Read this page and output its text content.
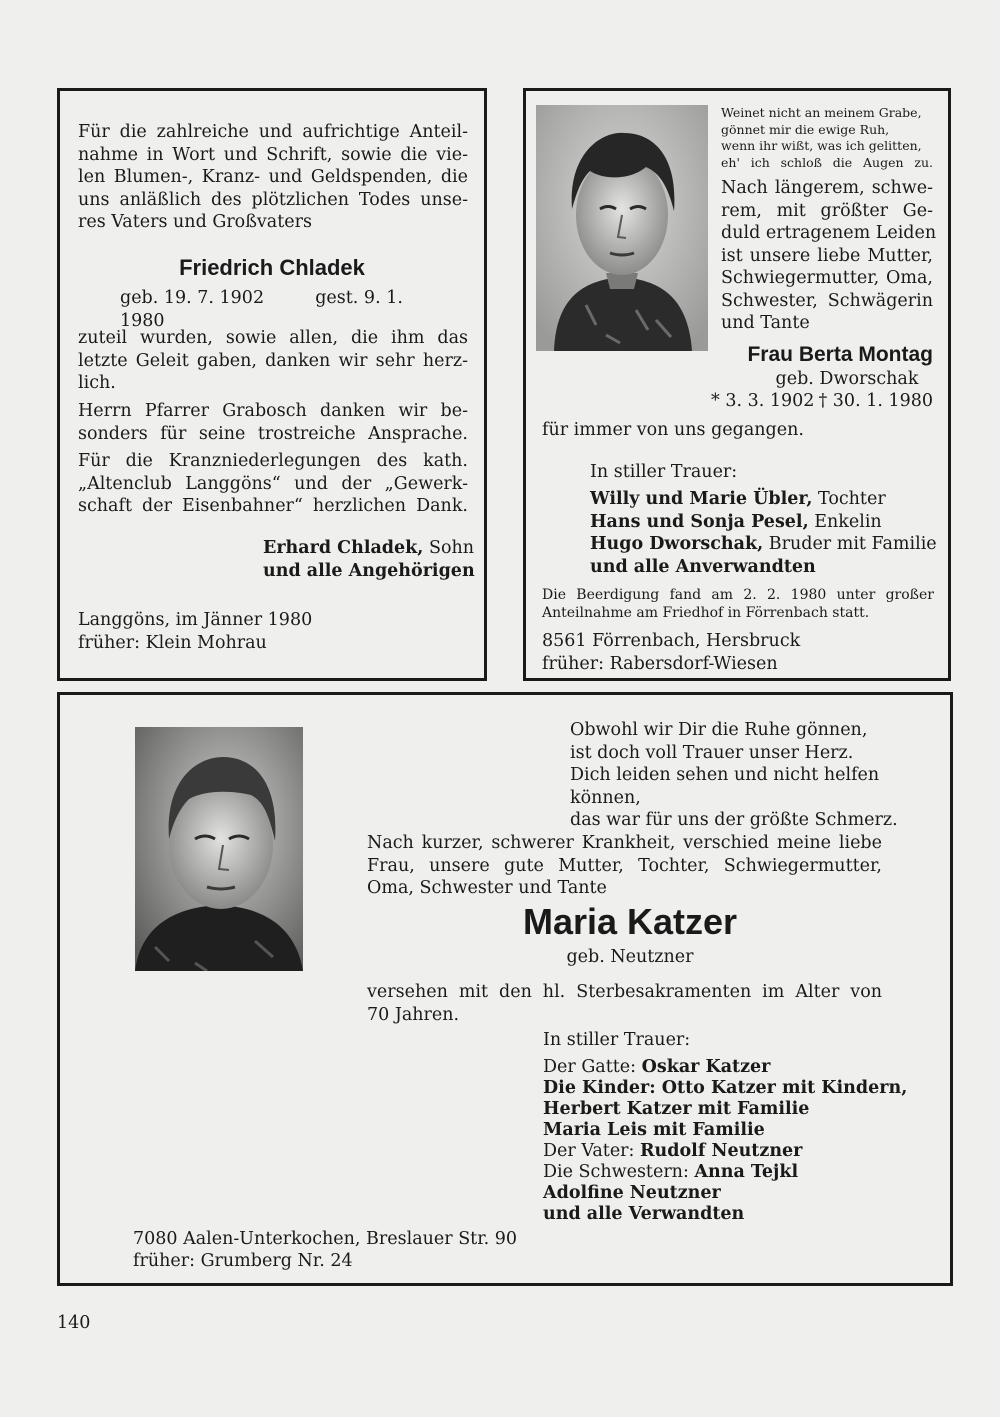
Für die zahlreiche und aufrichtige Anteil-
nahme in Wort und Schrift, sowie die vie-
len Blumen-, Kranz- und Geldspenden, die
uns anläßlich des plötzlichen Todes unse-
res Vaters und Großvaters
Friedrich Chladek
geb. 19. 7. 1902	gest. 9. 1. 1980
zuteil wurden, sowie allen, die ihm das
letzte Geleit gaben, danken wir sehr herz-
lich.
Herrn Pfarrer Grabosch danken wir be-
sonders für seine trostreiche Ansprache.
Für die Kranzniederlegungen des kath.
„Altenclub Langgöns“ und der „Gewerk-
schaft der Eisenbahner“ herzlichen Dank.
Erhard Chladek, Sohn
und alle Angehörigen
Langgöns, im Jänner 1980
früher: Klein Mohrau
Weinet nicht an meinem Grabe,
gönnet mir die ewige Ruh,
wenn ihr wißt, was ich gelitten,
eh' ich schloß die Augen zu.
Nach längerem, schwe-
rem, mit größter Ge-
duld ertragenem Leiden
ist unsere liebe Mutter,
Schwiegermutter, Oma,
Schwester, Schwägerin
und Tante
Frau Berta Montag
geb. Dworschak
* 3. 3. 1902 † 30. 1. 1980
für immer von uns gegangen.
In stiller Trauer:
Willy und Marie Übler, Tochter
Hans und Sonja Pesel, Enkelin
Hugo Dworschak, Bruder mit Familie
und alle Anverwandten
Die Beerdigung fand am 2. 2. 1980 unter großer
Anteilnahme am Friedhof in Förrenbach statt.
8561 Förrenbach, Hersbruck
früher: Rabersdorf-Wiesen
Obwohl wir Dir die Ruhe gönnen,
ist doch voll Trauer unser Herz.
Dich leiden sehen und nicht helfen
können,
das war für uns der größte Schmerz.
Nach kurzer, schwerer Krankheit, verschied meine liebe
Frau, unsere gute Mutter, Tochter, Schwiegermutter,
Oma, Schwester und Tante
Maria Katzer
geb. Neutzner
versehen mit den hl. Sterbesakramenten im Alter von
70 Jahren.
In stiller Trauer:
Der Gatte: Oskar Katzer
Die Kinder: Otto Katzer mit Kindern,
Herbert Katzer mit Familie
Maria Leis mit Familie
Der Vater: Rudolf Neutzner
Die Schwestern: Anna Tejkl
Adolfine Neutzner
und alle Verwandten
7080 Aalen-Unterkochen, Breslauer Str. 90
früher: Grumberg Nr. 24
140
